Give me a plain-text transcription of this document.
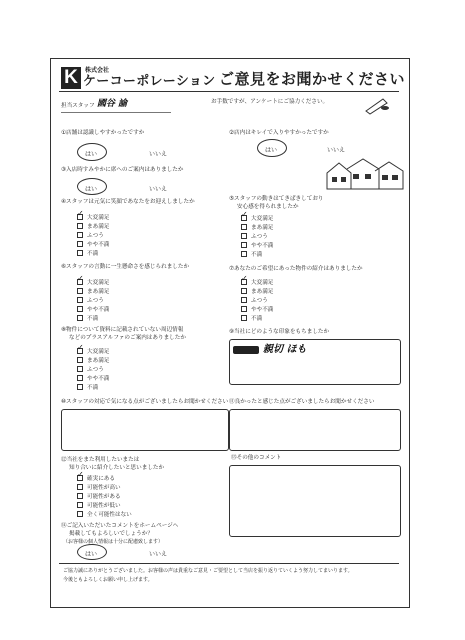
K	株式会社
ケーコーポレーション ご意見をお聞かせください
担当スタッフ 國谷 諭	お手数ですが、アンケートにご協力ください。
①店舗は認識しやすかったですか
はい	いいえ
②店内はキレイで入りやすかったですか
はい	いいえ
③入店時すみやかに席へのご案内はありましたか
はい	いいえ
④スタッフは元気に笑顔であなたをお迎えしましたか
✓大変満足
まあ満足
ふつう
やや不満
不満
⑤スタッフの動きはてきぱきしており
安心感を得られましたか
✓大変満足
まあ満足
ふつう
やや不満
不満
⑥スタッフの言動に一生懸命さを感じられましたか
✓大変満足
まあ満足
ふつう
やや不満
不満
⑦あなたのご希望にあった物件の紹介はありましたか
✓大変満足
まあ満足
ふつう
やや不満
不満
⑧物件について資料に記載されていない周辺情報
などのプラスアルファのご案内はありましたか
✓大変満足
まあ満足
ふつう
やや不満
不満
⑨当社にどのような印象をもちましたか
親切 ほも
⑩スタッフの対応で気になる点がございましたらお聞かせください ⑪良かったと感じた点がございましたらお聞かせください
⑫当社をまた利用したいまたは
知り合いに紹介したいと思いましたか
✓確実にある
可能性が高い
可能性がある
可能性が低い
全く可能性はない
⑬その他のコメント
⑭ご記入いただいたコメントをホームページへ
掲載してもよろしいでしょうか？
（お客様の個人情報は十分に配慮致します）
はい	いいえ
ご協力誠にありがとうございました。お客様の声は貴重なご意見・ご要望として当店を振り返りていくよう努力してまいります。
今後ともよろしくお願い申し上げます。
